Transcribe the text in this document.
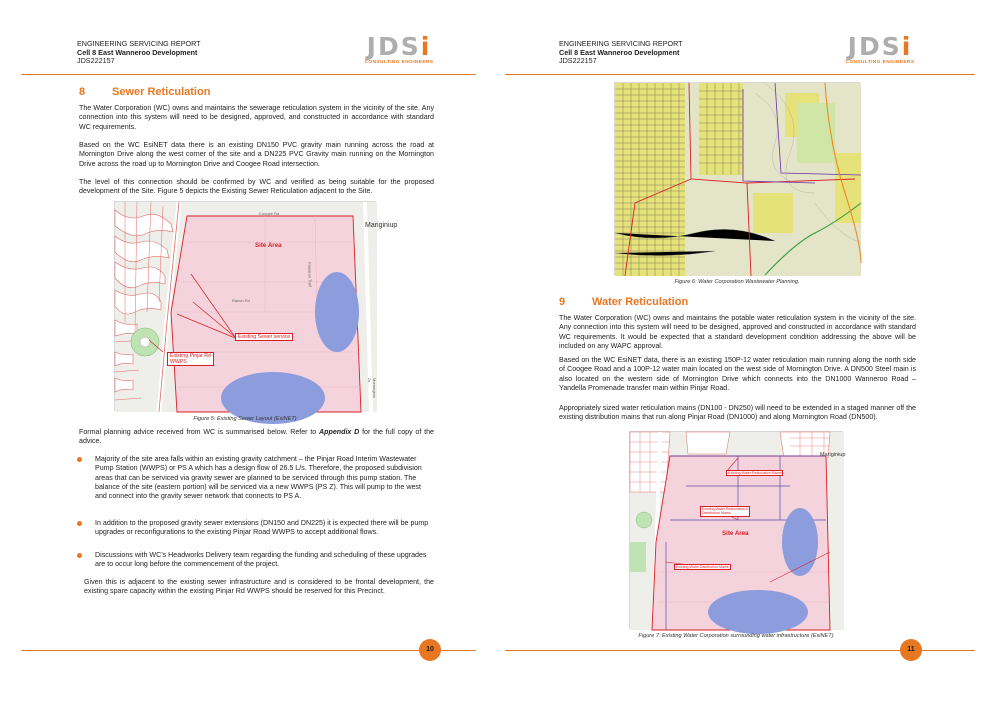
ENGINEERING SERVICING REPORT
Cell 8 East Wanneroo Development
JDS222157	JDSi
CONSULTING ENGINEERS
8 Sewer Reticulation
The Water Corporation (WC) owns and maintains the sewerage reticulation system in the vicinity of the site. Any connection into this system will need to be designed, approved, and constructed in accordance with standard WC requirements.
Based on the WC EsiNET data there is an existing DN150 PVC gravity main running across the road at Mornington Drive along the west corner of the site and a DN225 PVC Gravity main running on the Mornington Drive across the road up to Mornington Drive and Coogee Road intersection.
The level of this connection should be confirmed by WC and verified as being suitable for the proposed development of the Site. Figure 5 depicts the Existing Sewer Reticulation adjacent to the Site.
Coogee Rd
Ranch Rd
Pinnaroo Trail
Mornington Dr
Mariginiup
Site Area
Existing Sewer service
Existing Pinjar Rd
WWPS
Figure 5: Existing Sewer Layout (EsiNET)
Formal planning advice received from WC is summarised below. Refer to Appendix D for the full copy of the advice.
Majority of the site area falls within an existing gravity catchment – the Pinjar Road Interim Wastewater Pump Station (WWPS) or PS A which has a design flow of 26.5 L/s. Therefore, the proposed subdivision areas that can be serviced via gravity sewer are planned to be serviced through this pump station. The balance of the site (eastern portion) will be serviced via a new WWPS (PS Z). This will pump to the west and connect into the gravity sewer network that connects to PS A.
In addition to the proposed gravity sewer extensions (DN150 and DN225) it is expected there will be pump upgrades or reconfigurations to the existing Pinjar Road WWPS to accept additional flows.
Discussions with WC’s Headworks Delivery team regarding the funding and scheduling of these upgrades are to occur long before the commencement of the project.
Given this is adjacent to the existing sewer infrastructure and is considered to be frontal development, the existing spare capacity within the existing Pinjar Rd WWPS should be reserved for this Precinct.
10
ENGINEERING SERVICING REPORT
Cell 8 East Wanneroo Development
JDS222157	JDSi
CONSULTING ENGINEERS
Figure 6: Water Corporation Wastewater Planning.
9 Water Reticulation
The Water Corporation (WC) owns and maintains the potable water reticulation system in the vicinity of the site. Any connection into this system will need to be designed, approved and constructed in accordance with standard WC requirements. It would be expected that a standard development condition addressing the above will be included on any WAPC approval.
Based on the WC EsiNET data, there is an existing 150P-12 water reticulation main running along the north side of Coogee Road and a 100P-12 water main located on the west side of Mornington Drive. A DN500 Steel main is also located on the western side of Mornington Drive which connects into the DN1000 Wanneroo Road – Yandella Promenade transfer main within Pinjar Road.
Appropriately sized water reticulation mains (DN100 - DN250) will need to be extended in a staged manner off the existing distribution mains that run along Pinjar Road (DN1000) and along Mornington Road (DN500).
Mariginiup
Site Area
Existing Water Reticulation Mains
Existing Water Reticulation &
Distribution Mains
Existing Water Distribution Mains
Figure 7: Existing Water Corporation surrounding water infrastructure (EsiNET)
11
